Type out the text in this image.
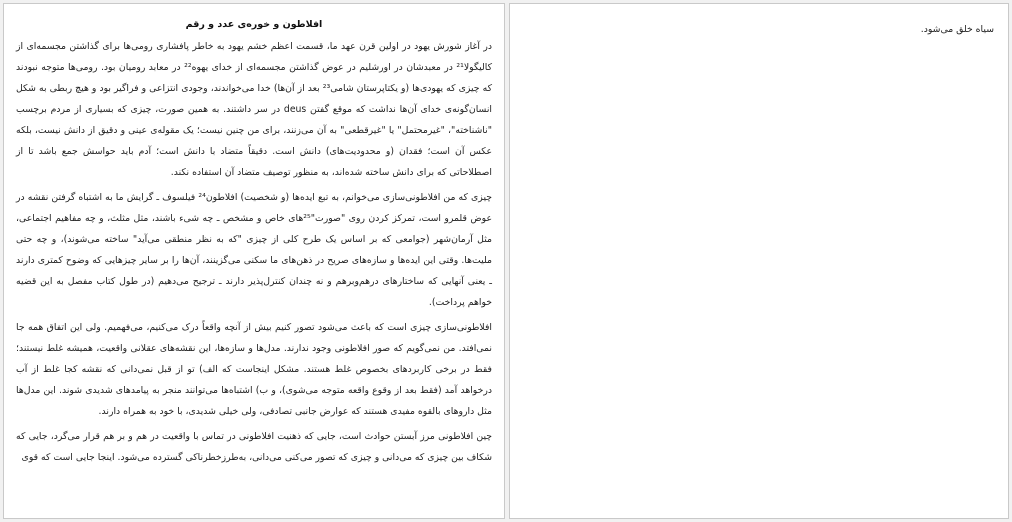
افلاطون و خوره‌ی عدد و رقم

در آغاز شورش یهود در اولین قرن عهد ما، قسمت اعظم خشم یهود به خاطر پافشاری رومی‌ها برای گذاشتن مجسمه‌ای از کالیگولا²¹ در معبدشان در اورشلیم در عوض گذاشتن مجسمه‌ای از خدای یهوه²² در معابد رومیان بود. رومی‌ها متوجه نبودند که چیزی که یهودی‌ها (و یکتاپرستان شامی²³ بعد از آن‌ها) خدا می‌خواندند، وجودی انتزاعی و فراگیر بود و هیچ ربطی به شکل انسان‌گونه‌ی خدای آن‌ها نداشت که موقع گفتن deus در سر داشتند. به همین صورت، چیزی که بسیاری از مردم برچسب "ناشناخته"، "غیرمحتمل" یا "غیرقطعی" به آن می‌زنند، برای من چنین نیست؛ یک مقوله‌ی عینی و دقیق از دانش نیست، بلکه عکس آن است؛ فقدان (و محدودیت‌های) دانش است. دقیقاً متضاد با دانش است؛ آدم باید حواسش جمع باشد تا از اصطلاحاتی که برای دانش ساخته شده‌اند، به منظور توصیف متضاد آن استفاده نکند.

چیزی که من افلاطونی‌سازی می‌خوانم، به تبع ایده‌ها (و شخصیت) افلاطون²⁴ فیلسوف ـ گرایش ما به اشتباه گرفتن نقشه در عوض قلمرو است، تمرکز کردن روی "صورت"²⁵های خاص و مشخص ـ چه شیء باشند، مثل مثلث، و چه مفاهیم اجتماعی، مثل آرمان‌شهر (جوامعی که بر اساس یک طرح کلی از چیزی "که به نظر منطقی می‌آید" ساخته می‌شوند)، و چه حتی ملیت‌ها. وقتی این ایده‌ها و سازه‌های صریح در ذهن‌های ما سکنی می‌گزینند، آن‌ها را بر سایر چیزهایی که وضوح کمتری دارند ـ یعنی آنهایی که ساختارهای درهم‌وبرهم و نه چندان کنترل‌پذیر دارند ـ ترجیح می‌دهیم (در طول کتاب مفصل به این قضیه خواهم پرداخت).

افلاطونی‌سازی چیزی است که باعث می‌شود تصور کنیم بیش از آنچه واقعاً درک می‌کنیم، می‌فهمیم. ولی این اتفاق همه جا نمی‌افتد. من نمی‌گویم که صور افلاطونی وجود ندارند. مدل‌ها و سازه‌ها، این نقشه‌های عقلانی واقعیت، همیشه غلط نیستند؛ فقط در برخی کاربردهای بخصوص غلط هستند. مشکل اینجاست که الف) تو از قبل نمی‌دانی که نقشه کجا غلط از آب درخواهد آمد (فقط بعد از وقوع واقعه متوجه می‌شوی)، و ب) اشتباه‌ها می‌توانند منجر به پیامدهای شدیدی شوند. این مدل‌ها مثل داروهای بالقوه مفیدی هستند که عوارض جانبی تصادفی، ولی خیلی شدیدی، با خود به همراه دارند.

چین افلاطونی مرز آبستن حوادث است، جایی که ذهنیت افلاطونی در تماس با واقعیت در هم و بر هم قرار می‌گرد، جایی که شکاف بین چیزی که می‌دانی و چیزی که تصور می‌کنی می‌دانی، به‌طرزخطرناکی گسترده می‌شود. اینجا جایی است که قوی

سیاه خلق می‌شود.
